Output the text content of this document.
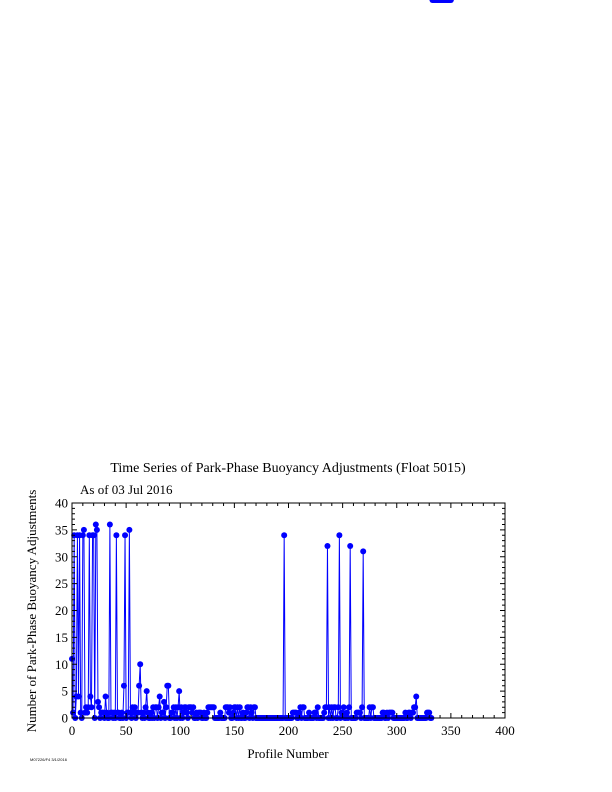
Time Series of Park-Phase Buoyancy Adjustments (Float 5015)
As of 03 Jul 2016
Number of Park-Phase Buoyancy Adjustments
Profile Number
0	50	100	150	200	250	300	350	400
0
5
10
15
20
25
30
35
40
M07226/F4 3/1/2016
